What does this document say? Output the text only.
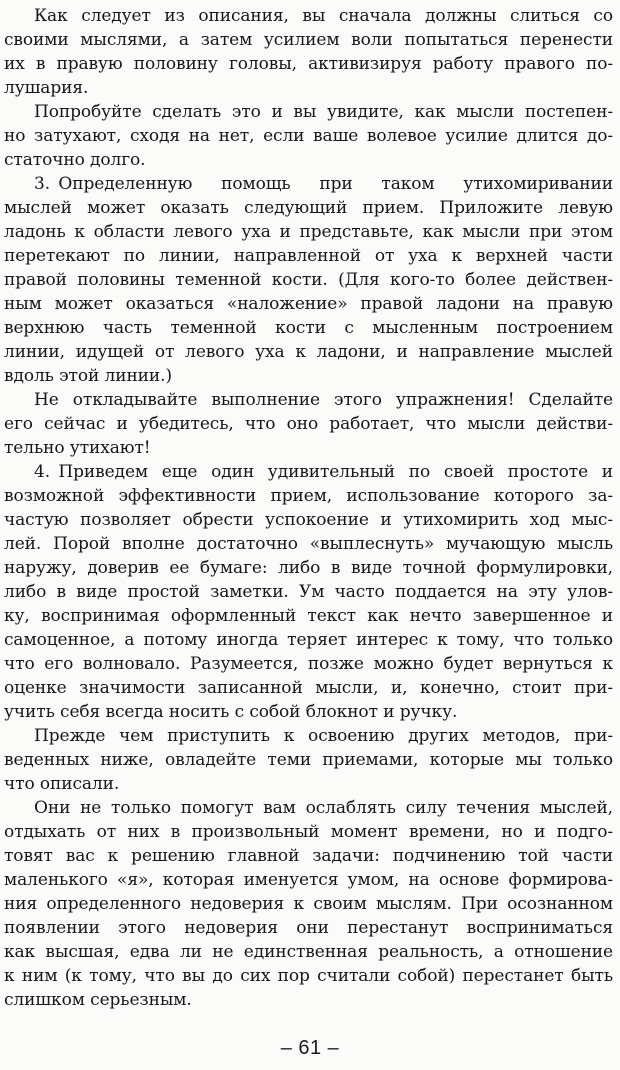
Как следует из описания, вы сначала должны слиться со
своими мыслями, а затем усилием воли попытаться перенести
их в правую половину головы, активизируя работу правого по-
лушария.
Попробуйте сделать это и вы увидите, как мысли постепен-
но затухают, сходя на нет, если ваше волевое усилие длится до-
статочно долго.
3. Определенную помощь при таком утихомиривании
мыслей может оказать следующий прием. Приложите левую
ладонь к области левого уха и представьте, как мысли при этом
перетекают по линии, направленной от уха к верхней части
правой половины теменной кости. (Для кого-то более действен-
ным может оказаться «наложение» правой ладони на правую
верхнюю часть теменной кости с мысленным построением
линии, идущей от левого уха к ладони, и направление мыслей
вдоль этой линии.)
Не откладывайте выполнение этого упражнения! Сделайте
его сейчас и убедитесь, что оно работает, что мысли действи-
тельно утихают!
4. Приведем еще один удивительный по своей простоте и
возможной эффективности прием, использование которого за-
частую позволяет обрести успокоение и утихомирить ход мыс-
лей. Порой вполне достаточно «выплеснуть» мучающую мысль
наружу, доверив ее бумаге: либо в виде точной формулировки,
либо в виде простой заметки. Ум часто поддается на эту улов-
ку, воспринимая оформленный текст как нечто завершенное и
самоценное, а потому иногда теряет интерес к тому, что только
что его волновало. Разумеется, позже можно будет вернуться к
оценке значимости записанной мысли, и, конечно, стоит при-
учить себя всегда носить с собой блокнот и ручку.
Прежде чем приступить к освоению других методов, при-
веденных ниже, овладейте теми приемами, которые мы только
что описали.
Они не только помогут вам ослаблять силу течения мыслей,
отдыхать от них в произвольный момент времени, но и подго-
товят вас к решению главной задачи: подчинению той части
маленького «я», которая именуется умом, на основе формирова-
ния определенного недоверия к своим мыслям. При осознанном
появлении этого недоверия они перестанут восприниматься
как высшая, едва ли не единственная реальность, а отношение
к ним (к тому, что вы до сих пор считали собой) перестанет быть
слишком серьезным.
– 61 –
